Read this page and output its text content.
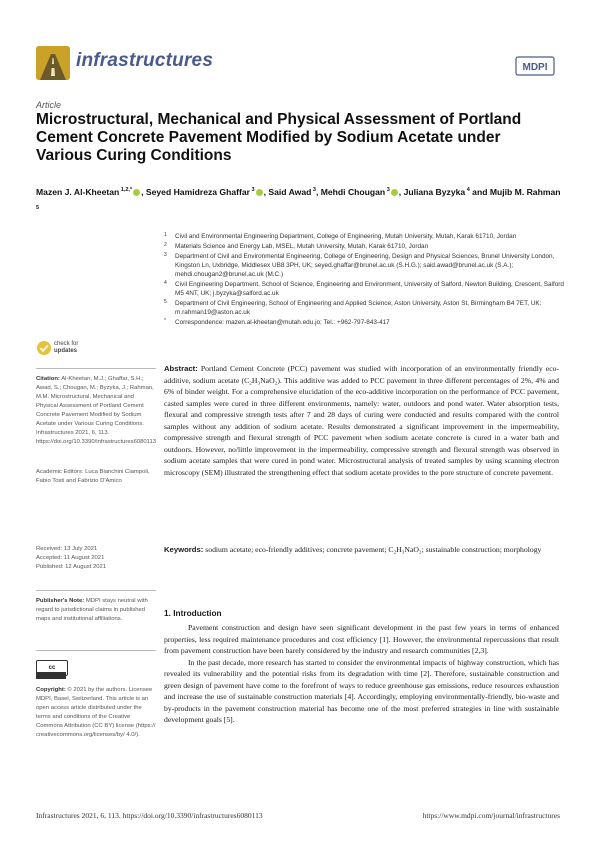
infrastructures	MDPI
Article
Microstructural, Mechanical and Physical Assessment of Portland Cement Concrete Pavement Modified by Sodium Acetate under Various Curing Conditions
Mazen J. Al-Kheetan $^{1,2,*}$ , Seyed Hamidreza Ghaffar $^3$ , Said Awad $^3$, Mehdi Chougan $^3$ , Juliana Byzyka $^4$ and Mujib M. Rahman $^5$
1 Civil and Environmental Engineering Department, College of Engineering, Mutah University, Mutah, Karak 61710, Jordan
2 Materials Science and Energy Lab, MSEL, Mutah University, Mutah, Karak 61710, Jordan
3 Department of Civil and Environmental Engineering, College of Engineering, Design and Physical Sciences, Brunel University London, Kingston Ln, Uxbridge, Middlesex UB8 3PH, UK; seyed.ghaffar@brunel.ac.uk (S.H.G.); said.awad@brunel.ac.uk (S.A.); mehdi.chougan2@brunel.ac.uk (M.C.)
4 Civil Engineering Department, School of Science, Engineering and Environment, University of Salford, Newton Building, Crescent, Salford M5 4NT, UK; j.byzyka@salford.ac.uk
5 Department of Civil Engineering, School of Engineering and Applied Science, Aston University, Aston St, Birmingham B4 7ET, UK; m.rahman19@aston.ac.uk
* Correspondence: mazen.al-kheetan@mutah.edu.jo; Tel.: +962-797-843-417
check for
updates
Citation: Al-Kheetan, M.J.; Ghaffar, S.H.; Awad, S.; Chougan, M.; Byzyka, J.; Rahman, M.M. Microstructural, Mechanical and Physical Assessment of Portland Cement Concrete Pavement Modified by Sodium Acetate under Various Curing Conditions. Infrastructures 2021, 6, 113. https://doi.org/10.3390/infrastructures6080113
Academic Editors: Luca Bianchini Ciampoli, Fabio Tosti and Fabrizio D'Amico
Received: 13 July 2021
Accepted: 11 August 2021
Published: 12 August 2021
Publisher's Note: MDPI stays neutral with regard to jurisdictional claims in published maps and institutional affiliations.
cc
Copyright: © 2021 by the authors. Licensee MDPI, Basel, Switzerland. This article is an open access article distributed under the terms and conditions of the Creative Commons Attribution (CC BY) license (https:// creativecommons.org/licenses/by/ 4.0/).
Abstract: Portland Cement Concrete (PCC) pavement was studied with incorporation of an environmentally friendly eco-additive, sodium acetate (C₂H₃NaO₂). This additive was added to PCC pavement in three different percentages of 2%, 4% and 6% of binder weight. For a comprehensive elucidation of the eco-additive incorporation on the performance of PCC pavement, casted samples were cured in three different environments, namely: water, outdoors and pond water. Water absorption tests, flexural and compressive strength tests after 7 and 28 days of curing were conducted and results compared with the control samples without any addition of sodium acetate. Results demonstrated a significant improvement in the impermeability, compressive strength and flexural strength of PCC pavement when sodium acetate concrete is cured in a water bath and outdoors. However, no/little improvement in the impermeability, compressive strength and flexural strength was observed in sodium acetate samples that were cured in pond water. Microstructural analysis of treated samples by using scanning electron microscopy (SEM) illustrated the strengthening effect that sodium acetate provides to the pore structure of concrete pavement.
Keywords: sodium acetate; eco-friendly additives; concrete pavement; C₂H₃NaO₂; sustainable construction; morphology
1. Introduction
Pavement construction and design have seen significant development in the past few years in terms of enhanced properties, less required maintenance procedures and cost efficiency [1]. However, the environmental repercussions that result from pavement construction have been barely considered by the industry and research communities [2,3].
In the past decade, more research has started to consider the environmental impacts of highway construction, which has revealed its vulnerability and the potential risks from its degradation with time [2]. Therefore, sustainable construction and green design of pavement have come to the forefront of ways to reduce greenhouse gas emissions, reduce resources exhaustion and increase the use of sustainable construction materials [4]. Accordingly, employing environmentally-friendly, bio-waste and by-products in the pavement construction material has become one of the most preferred strategies in line with sustainable development goals [5].
Infrastructures 2021, 6, 113. https://doi.org/10.3390/infrastructures6080113	https://www.mdpi.com/journal/infrastructures
